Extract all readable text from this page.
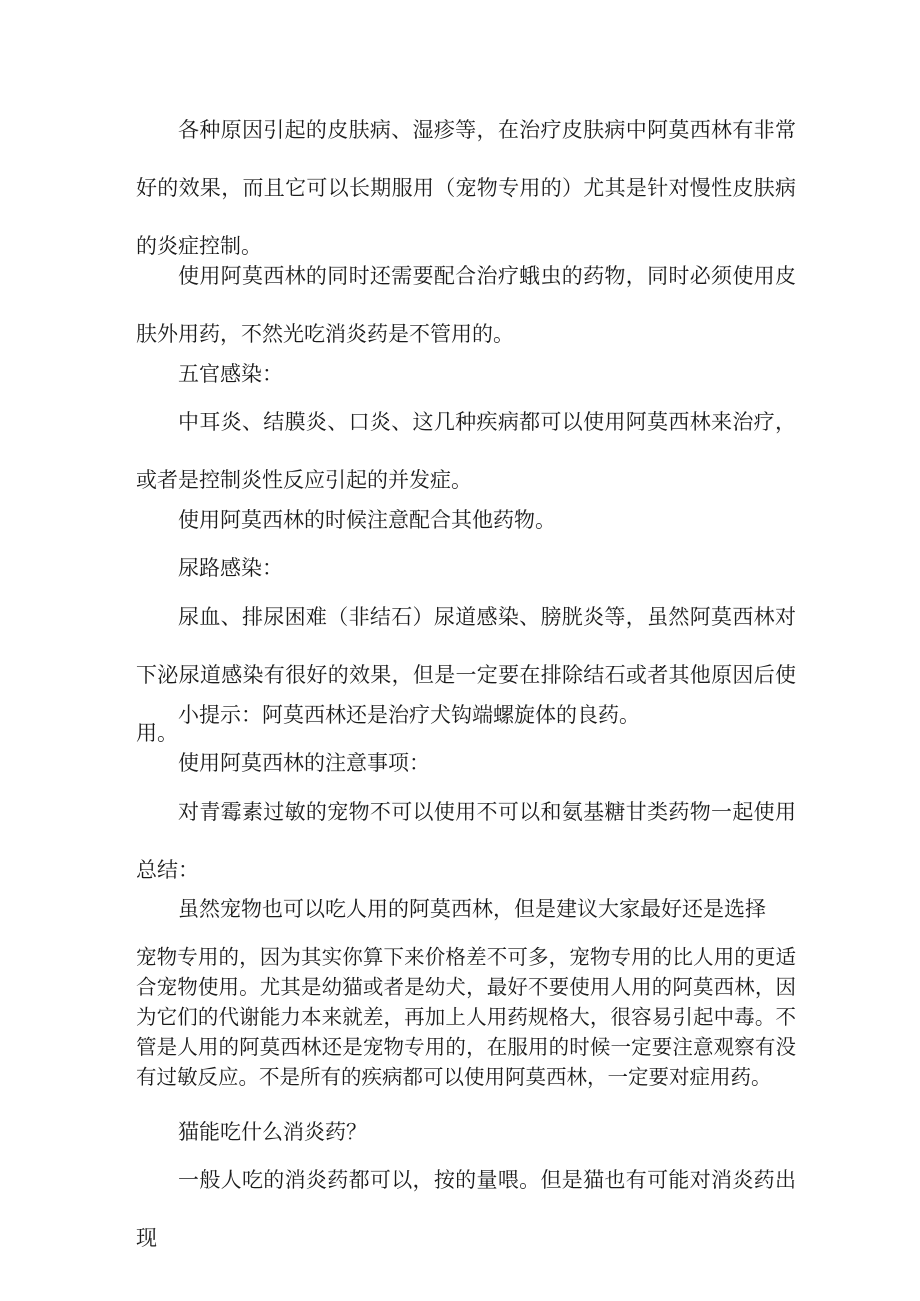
各种原因引起的皮肤病、湿疹等，在治疗皮肤病中阿莫西林有非常好的效果，而且它可以长期服用（宠物专用的）尤其是针对慢性皮肤病的炎症控制。

使用阿莫西林的同时还需要配合治疗蛾虫的药物，同时必须使用皮肤外用药，不然光吃消炎药是不管用的。

五官感染：

中耳炎、结膜炎、口炎、这几种疾病都可以使用阿莫西林来治疗，或者是控制炎性反应引起的并发症。

使用阿莫西林的时候注意配合其他药物。

尿路感染：

尿血、排尿困难（非结石）尿道感染、膀胱炎等，虽然阿莫西林对下泌尿道感染有很好的效果，但是一定要在排除结石或者其他原因后使用。

小提示：阿莫西林还是治疗犬钩端螺旋体的良药。

使用阿莫西林的注意事项：

对青霉素过敏的宠物不可以使用不可以和氨基糖甘类药物一起使用总结：

虽然宠物也可以吃人用的阿莫西林，但是建议大家最好还是选择

宠物专用的，因为其实你算下来价格差不可多，宠物专用的比人用的更适合宠物使用。尤其是幼猫或者是幼犬，最好不要使用人用的阿莫西林，因为它们的代谢能力本来就差，再加上人用药规格大，很容易引起中毒。不管是人用的阿莫西林还是宠物专用的，在服用的时候一定要注意观察有没有过敏反应。不是所有的疾病都可以使用阿莫西林，一定要对症用药。

猫能吃什么消炎药？

一般人吃的消炎药都可以，按的量喂。但是猫也有可能对消炎药出现
